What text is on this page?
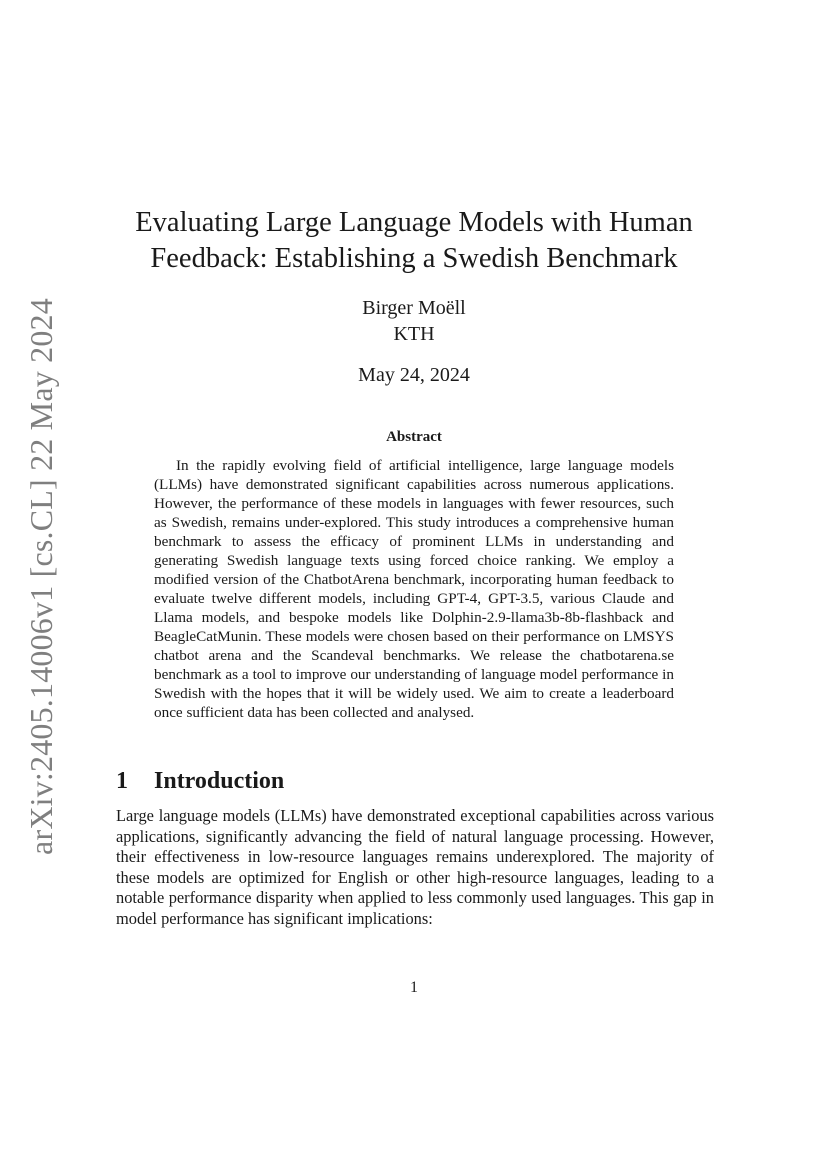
arXiv:2405.14006v1 [cs.CL] 22 May 2024
Evaluating Large Language Models with Human Feedback: Establishing a Swedish Benchmark
Birger Moëll
KTH
May 24, 2024
Abstract

In the rapidly evolving field of artificial intelligence, large language models (LLMs) have demonstrated significant capabilities across numerous applications. However, the performance of these models in languages with fewer resources, such as Swedish, remains under-explored. This study introduces a comprehensive human benchmark to assess the efficacy of prominent LLMs in understanding and generating Swedish language texts using forced choice ranking. We employ a modified version of the ChatbotArena benchmark, incorporating human feedback to evaluate twelve different models, including GPT-4, GPT-3.5, various Claude and Llama models, and bespoke models like Dolphin-2.9-llama3b-8b-flashback and BeagleCatMunin. These models were chosen based on their performance on LMSYS chatbot arena and the Scandeval benchmarks. We release the chatbotarena.se benchmark as a tool to improve our understanding of language model performance in Swedish with the hopes that it will be widely used. We aim to create a leaderboard once sufficient data has been collected and analysed.

1 Introduction

Large language models (LLMs) have demonstrated exceptional capabilities across various applications, significantly advancing the field of natural language processing. However, their effectiveness in low-resource languages remains underexplored. The majority of these models are optimized for English or other high-resource languages, leading to a notable performance disparity when applied to less commonly used languages. This gap in model performance has significant implications:

1
